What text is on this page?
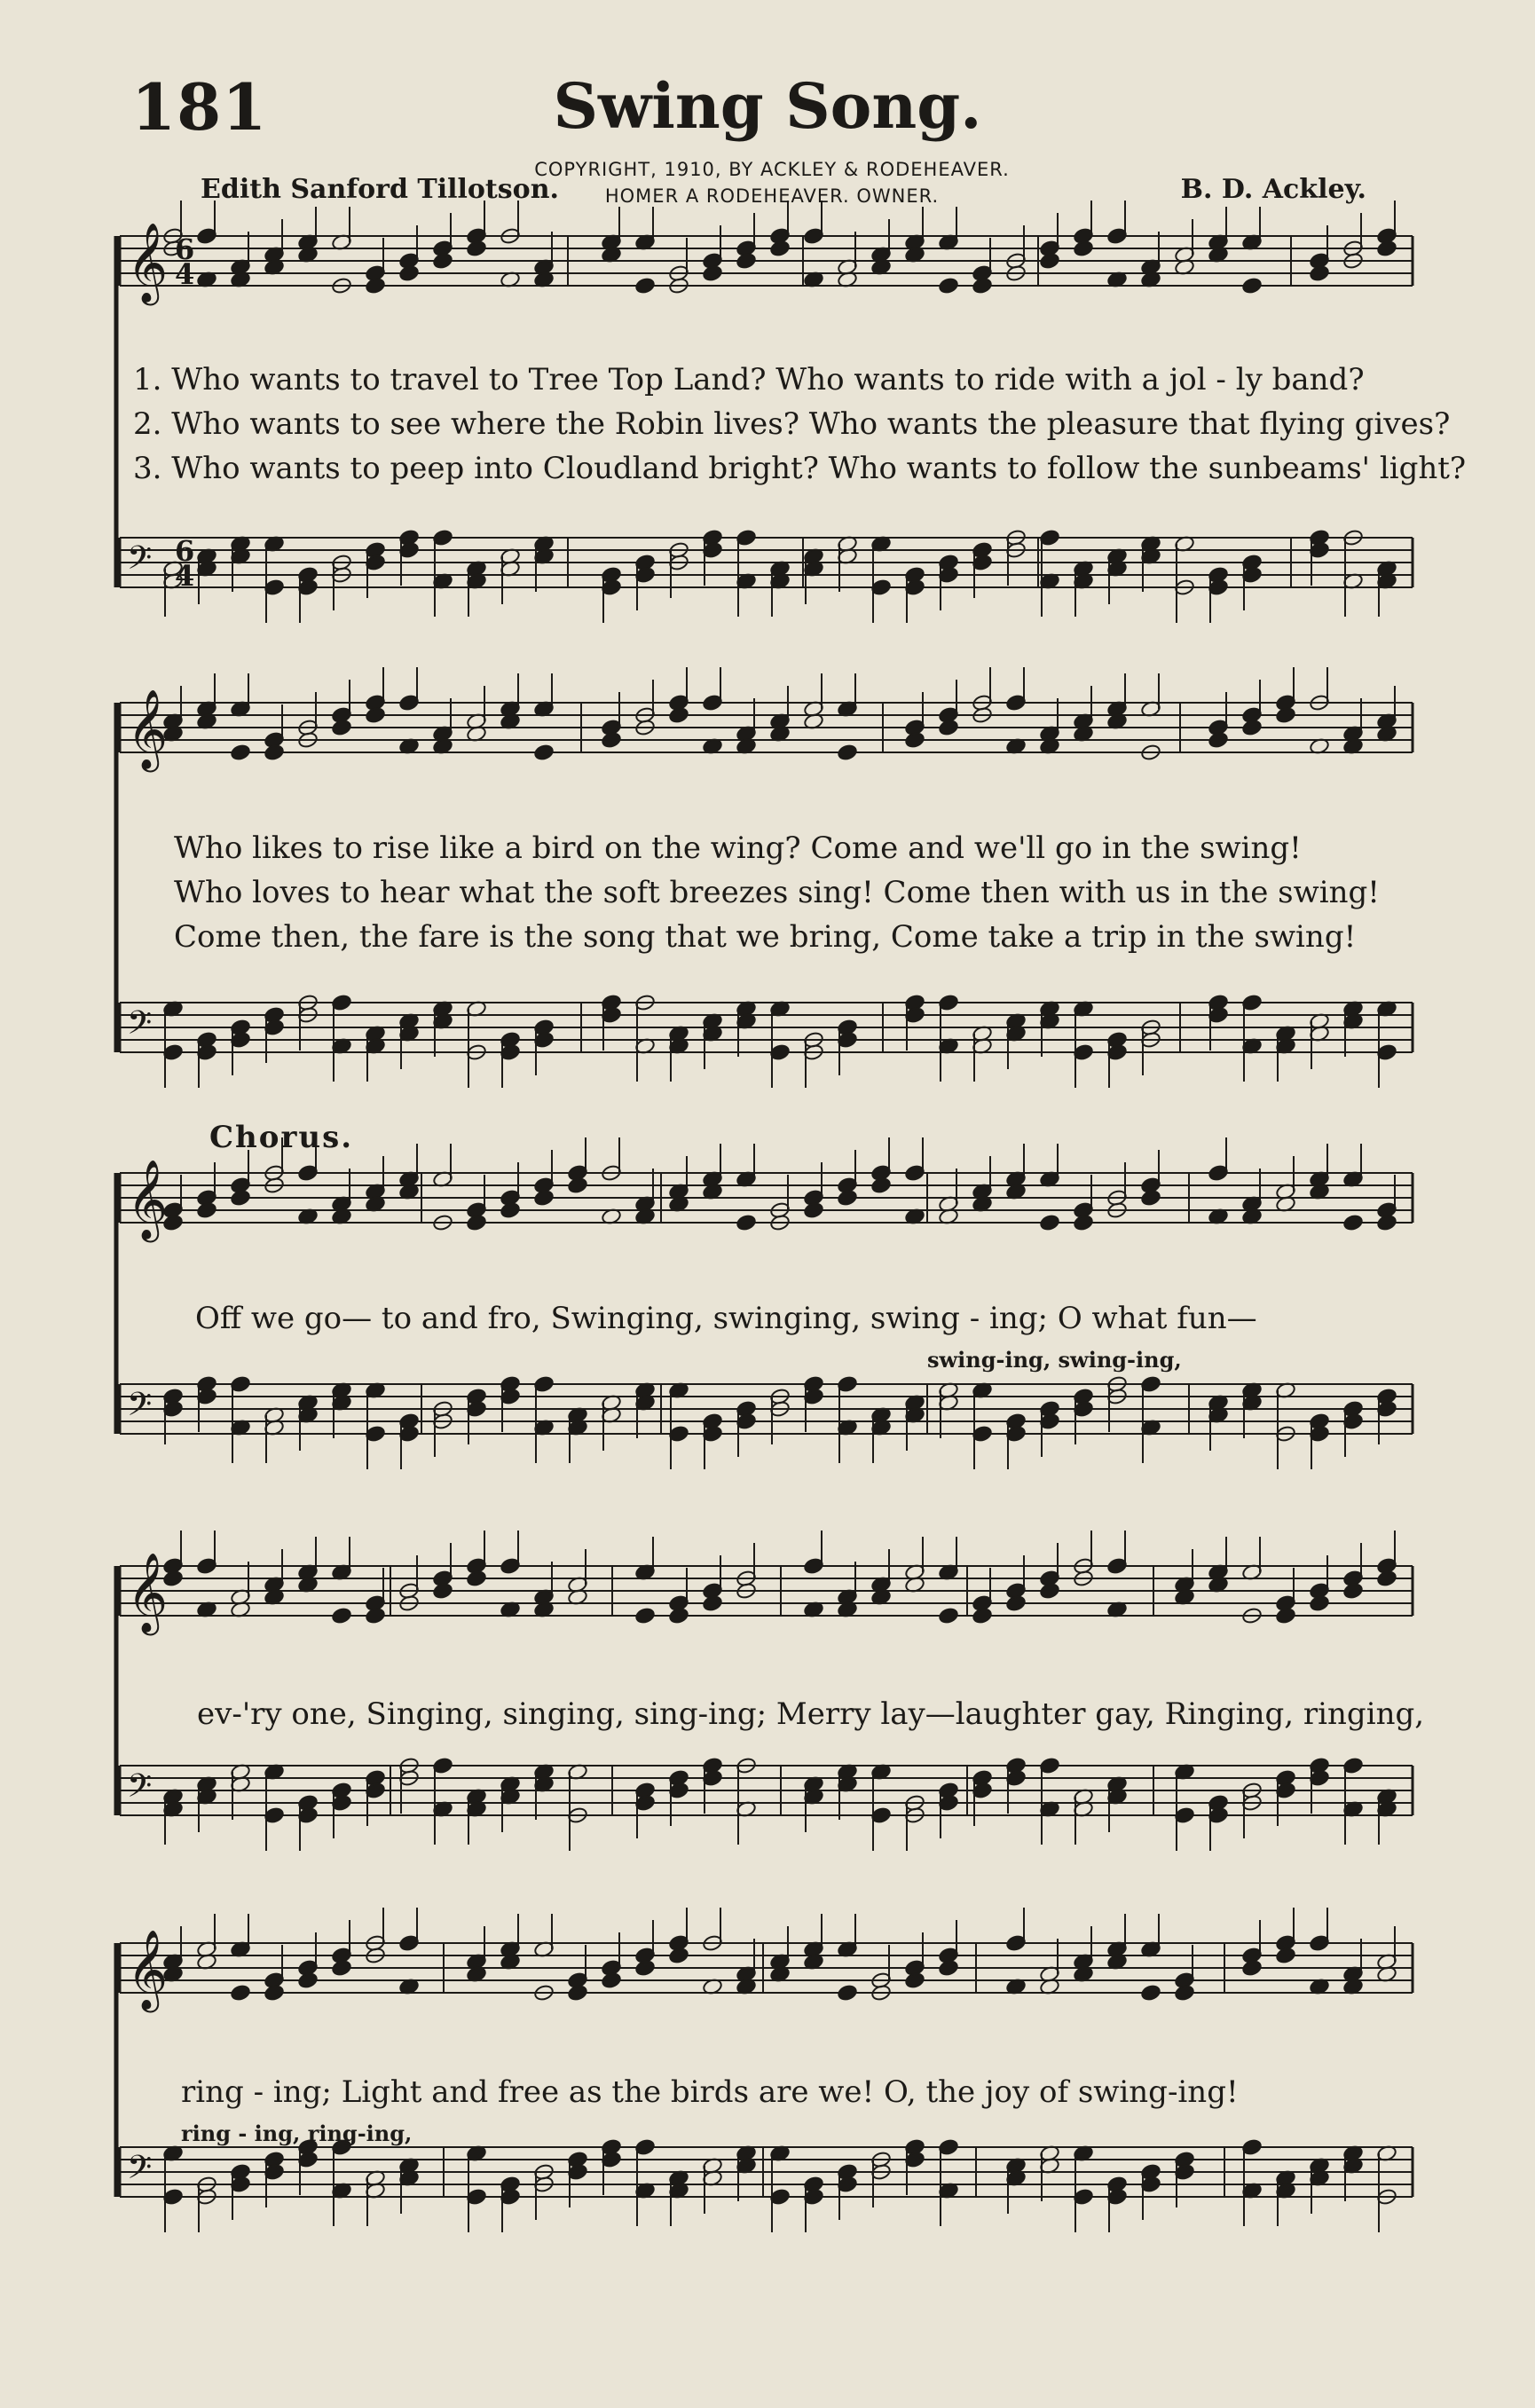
181	Swing Song.
Edith Sanford Tillotson.
COPYRIGHT, 1910, BY ACKLEY & RODEHEAVER.
HOMER A RODEHEAVER. OWNER.	B. D. Ackley.
𝄞
𝄢
𝄞
𝄢
𝄞
𝄢
𝄞
𝄢
𝄞
𝄢
6
6
4
4
1. Who wants to travel to Tree Top Land? Who wants to ride with a jol - ly band?
2. Who wants to see where the Robin lives? Who wants the pleasure that flying gives?
3. Who wants to peep into Cloudland bright? Who wants to follow the sunbeams' light?
Who likes to rise like a bird on the wing? Come and we'll go in the swing!
Who loves to hear what the soft breezes sing! Come then with us in the swing!
Come then, the fare is the song that we bring, Come take a trip in the swing!
Chorus.
Off we go— to and fro, Swinging, swinging, swing - ing; O what fun—
swing-ing, swing-ing,
ev-'ry one, Singing, singing, sing-ing; Merry lay—laughter gay, Ringing, ringing,
ring - ing; Light and free as the birds are we! O, the joy of swing-ing!
ring - ing, ring-ing,
